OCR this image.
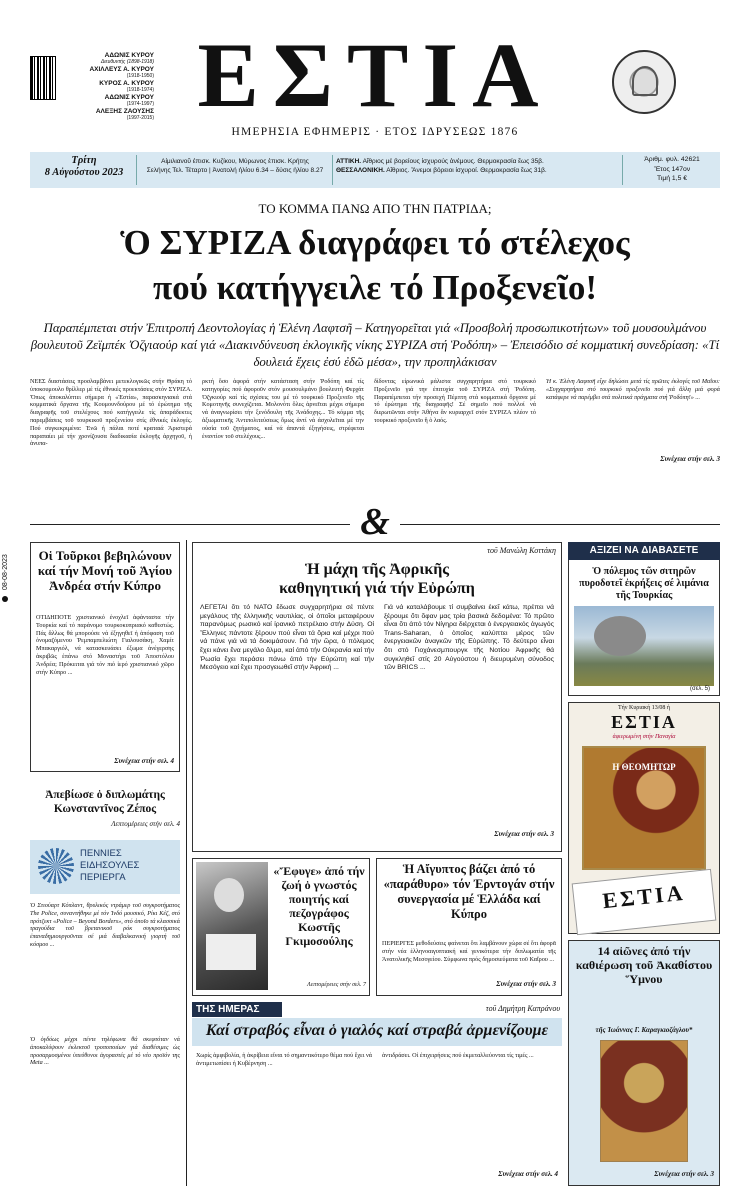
08-08-2023
ΑΔΩΝΙΣ ΚΥΡΟΥ
Διευθυντής (1898-1918)
ΑΧΙΛΛΕΥΣ Α. ΚΥΡΟΥ
(1918-1950)
ΚΥΡΟΣ Α. ΚΥΡΟΥ
(1918-1974)
ΑΔΩΝΙΣ ΚΥΡΟΥ
(1974-1997)
ΑΛΕΞΗΣ ΖΑΟΥΣΗΣ
(1997-2015) ΕΣΤΙΑ
ΗΜΕΡΗΣΙΑ ΕΦΗΜΕΡΙΣ · ΕΤΟΣ ΙΔΡΥΣΕΩΣ 1876
Τρίτη
8 Αὐγούστου 2023
Αἰμιλιανοῦ ἐπισκ. Κυζίκου, Μύρωνος ἐπισκ. Κρήτης
Σελήνης Τελ. Τέταρτο | Ἀνατολή ἡλίου 6.34 – δύσις ἡλίου 8.27
ΑΤΤΙΚΗ. Αἴθριος μέ βορείους ἰσχυρούς ἀνέμους. Θερμοκρασία ἕως 35β.
ΘΕΣΣΑΛΟΝΙΚΗ. Αἴθριος. Ἄνεμοι βόρειοι ἰσχυροί. Θερμοκρασία ἕως 31β.
Ἀριθμ. φυλ. 42621
Ἔτος 147ον
Τιμή 1,5 €
ΤΟ ΚΟΜΜΑ ΠΑΝΩ ΑΠΟ ΤΗΝ ΠΑΤΡΙΔΑ;
Ὁ ΣΥΡΙΖΑ διαγράφει τό στέλεχος
πού κατήγγειλε τό Προξενεῖο!
Παραπέμπεται στήν Ἐπιτροπή Δεοντολογίας ἡ Ἑλένη Λαφτσῆ – Κατηγορεῖται γιά «Προσβολή προσωπικοτήτων» τοῦ μουσουλμάνου βουλευτοῦ Ζεϊμπέκ Ὀζγιαούρ καί γιά «Διακινδύνευση ἐκλογικῆς νίκης ΣΥΡΙΖΑ στή Ῥοδόπη» – Ἐπεισόδιο σέ κομματική συνεδρίαση: «Τί δουλειά ἔχεις ἐσύ ἐδῶ μέσα», την προπηλάκισαν
ΝΕΕΣ διαστάσεις προσλαμβάνει μετεκλογικῶς στήν Θράκη τό ὑποκουμουλο θρίλλερ μέ τίς ἐθνικές προεκτάσεις στόν ΣΥΡΙΖΑ. Ὅπως ἀποκαλύπτει σήμερα ἡ «Ἑστία», παρασκηνιακά στά κομματικά ὄργανα τῆς Κουμουνδούρου μέ τό ἐρώτημα τῆς διαγραφῆς τοῦ στελέχους πού κατήγγειλε τίς ἀπαράδεκτες παρεμβάσεις τοῦ τουρκικοῦ προξενείου στίς ἐθνικές ἐκλογές. Πού συγκεκριμένα: Ἐνῶ ἡ πάλαι ποτέ κραταιά Ἀριστερά παραπαίει μέ τήν χρονίζουσα διαδικασία ἐκλογῆς ἀρχηγοῦ, ἡ ἀνυπα-
ρκτή ὄσο ἀφορά στήν κατάσταση στήν Ῥοδόπη καί τίς κατηγορίες πού ἀφοροῦν στόν μουσουλμάνο βουλευτή Φερχάτ Ὀζγκιούρ καί τίς σχέσεις του μέ τό τουρκικό Προξενεῖο τῆς Κομοτηνῆς συνεχίζεται. Μολονότι ὄλες ἀρνεῖται μέχρι σήμερα νά ἀναγνωρίσει τήν ξενόδουλη τῆς Ἀνάδοχης... Τό κόμμα τῆς ἀξιωματικῆς Ἀντιπολιτεύσεως ὅμως ἀντί νά ἀσχολεῖται μέ την οὐσία τοῦ ζητήματος, καί νά ἀπαντά ἐξηγήσεις, στρέφεται ἐναντίον τοῦ στελέχους...
δίδοντας εἰρωνικά μάλιστα συγχαρητήρια στό τουρκικό Προξενεῖο γιά την ἐπιτυχία τοῦ ΣΥΡΙΖΑ στή Ῥοδόπη. Παραπέμπεται τήν προσεχή Πέμπτη στά κομματικά ὄργανα μέ τό ἐρώτημα τῆς διαγραφῆς! Σέ σημεῖο πού πολλοί νά διερωτῶνται στήν Ἀθήνα ἄν κυριαρχεῖ στόν ΣΥΡΙΖΑ πλέον τό τουρκικό προξενεῖο ἤ ὁ λαός.
Ἡ κ. Ἑλένη Λαφτσῆ εἶχε δηλώσει μετά τίς πρῶτες ἐκλογές τοῦ Μαΐου: «Συγχαρητήρια στό τουρκικό προξενεῖο πού γιά ἄλλη μιά φορά κατάφερε νά παρέμβει στά πολιτικά πράγματα στή Ῥοδόπη!» ...
Συνέχεια στήν σελ. 3
&
Οἱ Τοῦρκοι βεβηλώνουν καί τήν Μονή τοῦ Ἁγίου Ἀνδρέα στήν Κύπρο
ΟΤΙΔΗΠΟΤΕ χριστιανικό ἐνοχλεῖ ἀφάνταστα τήν Τουρκία καί τό παράνομο τουρκοκυπριακό καθεστώς. Πάς ἄλλως θά μπορούσε νά ἐξηγηθεῖ ἡ ἀπόφαση τοῦ ὀνομαζόμενου Ῥεμπαμπελιώτη Γιαλουσάκη, Χαμίτ Μπακαργιόλ, νά κατασκευάσει ἐξωμα ἀνέγερσης ἀκριβῶς ἐπάνω στό Μοναστήρι τοῦ Ἀποστόλου Ἀνδρέα; Πρόκειται γιά τόν πιό ἱερό χριστιανικό χῶρο στήν Κύπρο ...
Συνέχεια στήν σελ. 4
Ἀπεβίωσε ὁ διπλωμάτης Κωνσταντῖνος Ζέπος
Λεπτομέρειες στήν σελ. 4
ΠΕΝΝΙΕΣ ΕΙΔΗΣΟΥΛΕΣ ΠΕΡΙΕΡΓΑ
Ὁ Στιούαρτ Κόπλαντ, θρυλικός ντράμερ τοῦ συγκροτήματος The Police, συναντήθηκε μέ τόν Ἰνδό μουσικό, Ρίκι Κέζ, στό πρότζεκτ «Police – Beyond Borders», στό ὁποῖο τά κλασσικά τραγούδια τοῦ βρετανικοῦ ρόκ συγκροτήματος ἐπαναδημιουργοῦνται σέ μιά διαβαλκανική γιορτή τοῦ κόσμου ...
Ὁ ὀγδόως μέχρι πέντε τηλέφωνα θά σκεφτόταν νά ἀποκαλύψουν ἐκλεκτοῦ τροποποιίων γιά διαθέσιμες ὡς προσαρμοσμένοι ὑπεύθυνοι ἀγοραστές μέ τό νέο προϊόν της Meta ...
τοῦ Μανώλη Κοττάκη
Ἡ μάχη τῆς Ἀφρικῆς
καθηγητική γιά τήν Εὐρώπη
ΛΕΓΕΤΑΙ ὅτι τό ΝΑΤΟ ἔδωσε συγχαρητήρια σέ πέντε μεγάλους τῆς ἑλληνικῆς ναυτιλίας, οἱ ὁποῖοι μεταφέρουν παρανόμως ρωσικό καί ἰρανικό πετρέλαιο στήν Δύση. Οἱ Ἕλληνες πάντοτε ξέρουν πού εἶναι τά ὅρια καί μέχρι πού νά πάνε γιά νά τά δοκιμάσουν. Γιά τήν ὥρα, ὁ πόλεμος ἔχει κάνει ἕνα μεγάλο ἅλμα, καί ἀπό τήν Οὐκρανία καί τήν Ῥωσία ἔχει περάσει πάνω ἀπό τήν Εὐρώπη καί τήν Μεσόγειο καί ἔχει προσγειωθεῖ στήν Ἀφρική ...
Γιά νά καταλάβουμε τί συμβαίνει ἐκεῖ κάτω, πρέπει νά ξέρουμε ὅτι ὅφαν μας τρία βασικά δεδομένα: Τό πρῶτο εἶναι ὅτι ἀπό τόν Νίγηρα διέρχεται ὁ ἐνεργειακός ἀγωγός Trans-Saharan, ὁ ὁποῖος καλύπτει μέρος τῶν ἐνεργειακῶν ἀναγκῶν τῆς Εὐρώπης. Τό δεύτερο εἶναι ὅτι στό Γιοχάνεσμπουργκ τῆς Νοτίου Ἀφρικῆς θά συγκληθεῖ στίς 20 Αὐγούστου ἡ διευρυμένη σύνοδος τῶν BRICS ...
Συνέχεια στήν σελ. 3
«Ἔφυγε» ἀπό τήν ζωή ὁ γνωστός ποιητής καί πεζογράφος Κωστῆς Γκιμοσούλης
Λεπτομέρειες στήν σελ. 7
Ἡ Αἴγυπτος βάζει ἀπό τό «παράθυρο» τόν Ἐρντογάν στήν συνεργασία μέ Ἑλλάδα καί Κύπρο
ΠΕΡΙΕΡΓΕΣ μεθοδεύσεις φαίνεται ὅτι λαμβάνουν χώρα σέ ὅτι ἀφορᾶ στήν νέα ἑλληνοαιγυπτιακή καί γενικότερα τήν διπλωματία τῆς Ἀνατολικῆς Μεσογείου. Σύμφωνα πρός δημοσιεύματα τοῦ Καΐρου ...
Συνέχεια στήν σελ. 3
ΑΞΙΖΕΙ ΝΑ ΔΙΑΒΑΣΕΤΕ
Ὁ πόλεμος τῶν σιτηρῶν πυροδοτεῖ ἐκρήξεις σέ λιμάνια τῆς Τουρκίας
(σελ. 5)
Τήν Κυριακή 13/08 ἡ
ΕΣΤΙΑ
ἀφιερωμένη στήν Παναγία
Η ΘΕΟΜΗΤΩΡ
ΕΣΤΙΑ
14 αἰῶνες ἀπό τήν καθιέρωση τοῦ Ἀκαθίστου Ὕμνου
τῆς Ἰωάννας Γ. Καραγκιοζάγλου*
Συνέχεια στήν σελ. 3
ΤΗΣ ΗΜΕΡΑΣ	τοῦ Δημήτρη Καπράνου
Καί στραβός εἶναι ὁ γιαλός καί στραβά ἀρμενίζουμε
Χωρίς ἀμφιβολία, ἡ ἀκρίβεια εἶναι τό σημαντικότερο θέμα πού ἔχει νά ἀντιμετωπίσει ἡ Κυβέρνηση ...
ἀντιδράσει. Οἱ ἐπιχειρήσεις πού ἐκμεταλλεύονται τίς τιμές ...
Συνέχεια στήν σελ. 4
